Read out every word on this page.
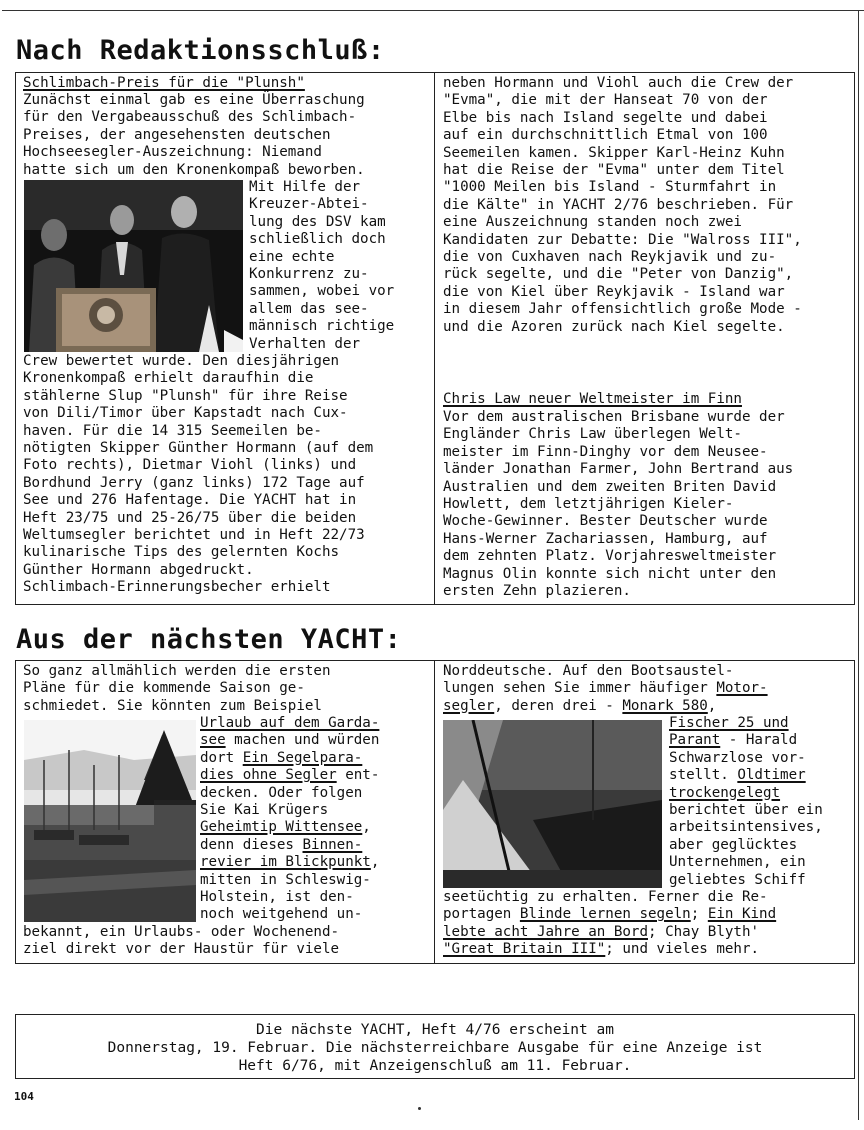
Nach Redaktionsschluß:
Schlimbach-Preis für die "Plunsh"
Zunächst einmal gab es eine Überraschung
für den Vergabeausschuß des Schlimbach-
Preises, der angesehensten deutschen
Hochseesegler-Auszeichnung: Niemand
hatte sich um den Kronenkompaß beworben.
Mit Hilfe der
Kreuzer-Abtei-
lung des DSV kam
schließlich doch
eine echte
Konkurrenz zu-
sammen, wobei vor
allem das see-
männisch richtige
Verhalten der
Crew bewertet wurde. Den diesjährigen
Kronenkompaß erhielt daraufhin die
stählerne Slup "Plunsh" für ihre Reise
von Dili/Timor über Kapstadt nach Cux-
haven. Für die 14 315 Seemeilen be-
nötigten Skipper Günther Hormann (auf dem
Foto rechts), Dietmar Viohl (links) und
Bordhund Jerry (ganz links) 172 Tage auf
See und 276 Hafentage. Die YACHT hat in
Heft 23/75 und 25-26/75 über die beiden
Weltumsegler berichtet und in Heft 22/73
kulinarische Tips des gelernten Kochs
Günther Hormann abgedruckt.
Schlimbach-Erinnerungsbecher erhielt
neben Hormann und Viohl auch die Crew der
"Evma", die mit der Hanseat 70 von der
Elbe bis nach Island segelte und dabei
auf ein durchschnittlich Etmal von 100
Seemeilen kamen. Skipper Karl-Heinz Kuhn
hat die Reise der "Evma" unter dem Titel
"1000 Meilen bis Island - Sturmfahrt in
die Kälte" in YACHT 2/76 beschrieben. Für
eine Auszeichnung standen noch zwei
Kandidaten zur Debatte: Die "Walross III",
die von Cuxhaven nach Reykjavik und zu-
rück segelte, und die "Peter von Danzig",
die von Kiel über Reykjavik - Island war
in diesem Jahr offensichtlich große Mode -
und die Azoren zurück nach Kiel segelte.
Chris Law neuer Weltmeister im Finn
Vor dem australischen Brisbane wurde der
Engländer Chris Law überlegen Welt-
meister im Finn-Dinghy vor dem Neusee-
länder Jonathan Farmer, John Bertrand aus
Australien und dem zweiten Briten David
Howlett, dem letztjährigen Kieler-
Woche-Gewinner. Bester Deutscher wurde
Hans-Werner Zachariassen, Hamburg, auf
dem zehnten Platz. Vorjahresweltmeister
Magnus Olin konnte sich nicht unter den
ersten Zehn plazieren.
Aus der nächsten YACHT:
So ganz allmählich werden die ersten
Pläne für die kommende Saison ge-
schmiedet. Sie könnten zum Beispiel
Urlaub auf dem Garda-
see machen und würden
dort Ein Segelpara-
dies ohne Segler ent-
decken. Oder folgen
Sie Kai Krügers
Geheimtip Wittensee,
denn dieses Binnen-
revier im Blickpunkt,
mitten in Schleswig-
Holstein, ist den-
noch weitgehend un-
bekannt, ein Urlaubs- oder Wochenend-
ziel direkt vor der Haustür für viele
Norddeutsche. Auf den Bootsaustel-
lungen sehen Sie immer häufiger Motor-
segler, deren drei - Monark 580,
Fischer 25 und
Parant - Harald
Schwarzlose vor-
stellt. Oldtimer
trockengelegt
berichtet über ein
arbeitsintensives,
aber geglücktes
Unternehmen, ein
geliebtes Schiff
seetüchtig zu erhalten. Ferner die Re-
portagen Blinde lernen segeln; Ein Kind
lebte acht Jahre an Bord; Chay Blyth'
"Great Britain III"; und vieles mehr.
Die nächste YACHT, Heft 4/76 erscheint am
Donnerstag, 19. Februar. Die nächsterreichbare Ausgabe für eine Anzeige ist
Heft 6/76, mit Anzeigenschluß am 11. Februar.
104
